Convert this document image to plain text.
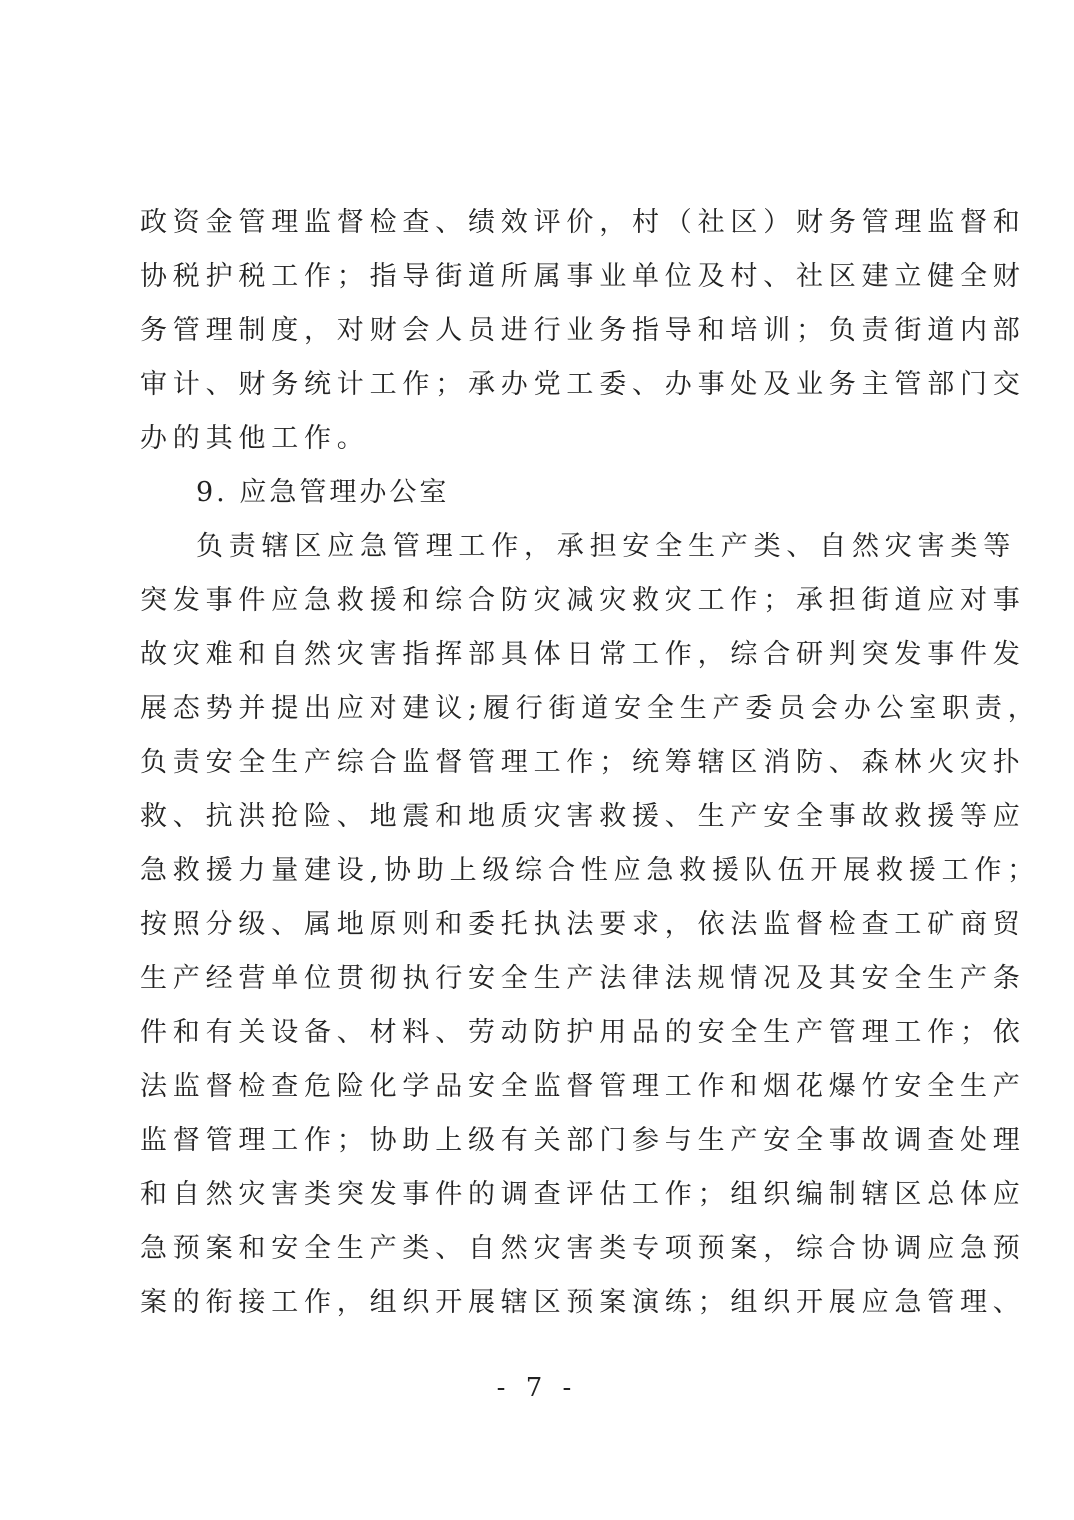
政资金管理监督检查、绩效评价，村（社区）财务管理监督和
协税护税工作；指导街道所属事业单位及村、社区建立健全财
务管理制度，对财会人员进行业务指导和培训；负责街道内部
审计、财务统计工作；承办党工委、办事处及业务主管部门交
办的其他工作。
9. 应急管理办公室
负责辖区应急管理工作，承担安全生产类、自然灾害类等
突发事件应急救援和综合防灾减灾救灾工作；承担街道应对事
故灾难和自然灾害指挥部具体日常工作，综合研判突发事件发
展态势并提出应对建议;履行街道安全生产委员会办公室职责，
负责安全生产综合监督管理工作；统筹辖区消防、森林火灾扑
救、抗洪抢险、地震和地质灾害救援、生产安全事故救援等应
急救援力量建设,协助上级综合性应急救援队伍开展救援工作；
按照分级、属地原则和委托执法要求，依法监督检查工矿商贸
生产经营单位贯彻执行安全生产法律法规情况及其安全生产条
件和有关设备、材料、劳动防护用品的安全生产管理工作；依
法监督检查危险化学品安全监督管理工作和烟花爆竹安全生产
监督管理工作；协助上级有关部门参与生产安全事故调查处理
和自然灾害类突发事件的调查评估工作；组织编制辖区总体应
急预案和安全生产类、自然灾害类专项预案，综合协调应急预
案的衔接工作，组织开展辖区预案演练；组织开展应急管理、
- 7 -
